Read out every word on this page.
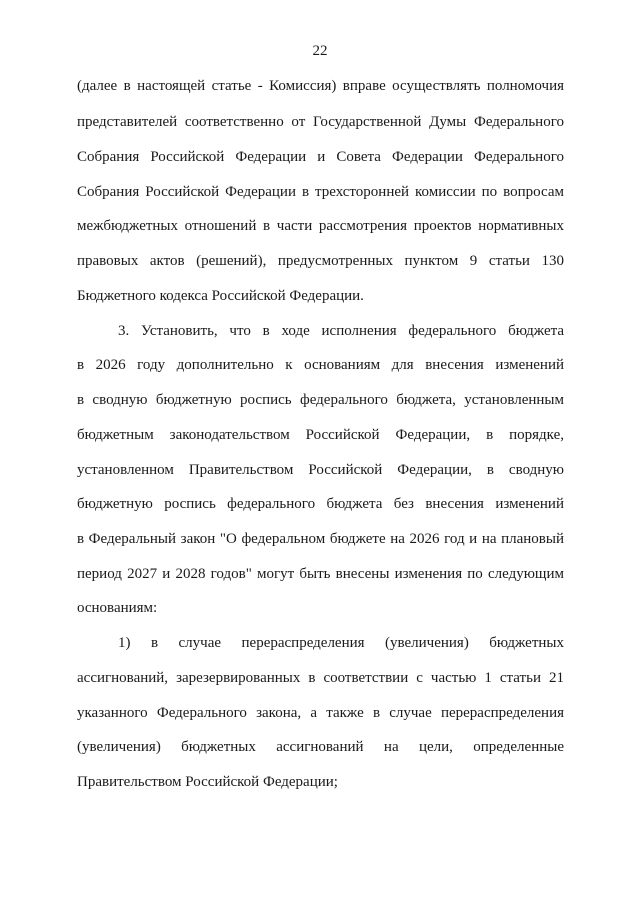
22
(далее в настоящей статье - Комиссия) вправе осуществлять полномочия
представителей соответственно от Государственной Думы Федерального
Собрания Российской Федерации и Совета Федерации Федерального
Собрания Российской Федерации в трехсторонней комиссии по вопросам
межбюджетных отношений в части рассмотрения проектов нормативных
правовых актов (решений), предусмотренных пунктом 9 статьи 130
Бюджетного кодекса Российской Федерации.
3. Установить, что в ходе исполнения федерального бюджета
в 2026 году дополнительно к основаниям для внесения изменений
в сводную бюджетную роспись федерального бюджета, установленным
бюджетным законодательством Российской Федерации, в порядке,
установленном Правительством Российской Федерации, в сводную
бюджетную роспись федерального бюджета без внесения изменений
в Федеральный закон "О федеральном бюджете на 2026 год и на плановый
период 2027 и 2028 годов" могут быть внесены изменения по следующим
основаниям:
1) в случае перераспределения (увеличения) бюджетных
ассигнований, зарезервированных в соответствии с частью 1 статьи 21
указанного Федерального закона, а также в случае перераспределения
(увеличения) бюджетных ассигнований на цели, определенные
Правительством Российской Федерации;
